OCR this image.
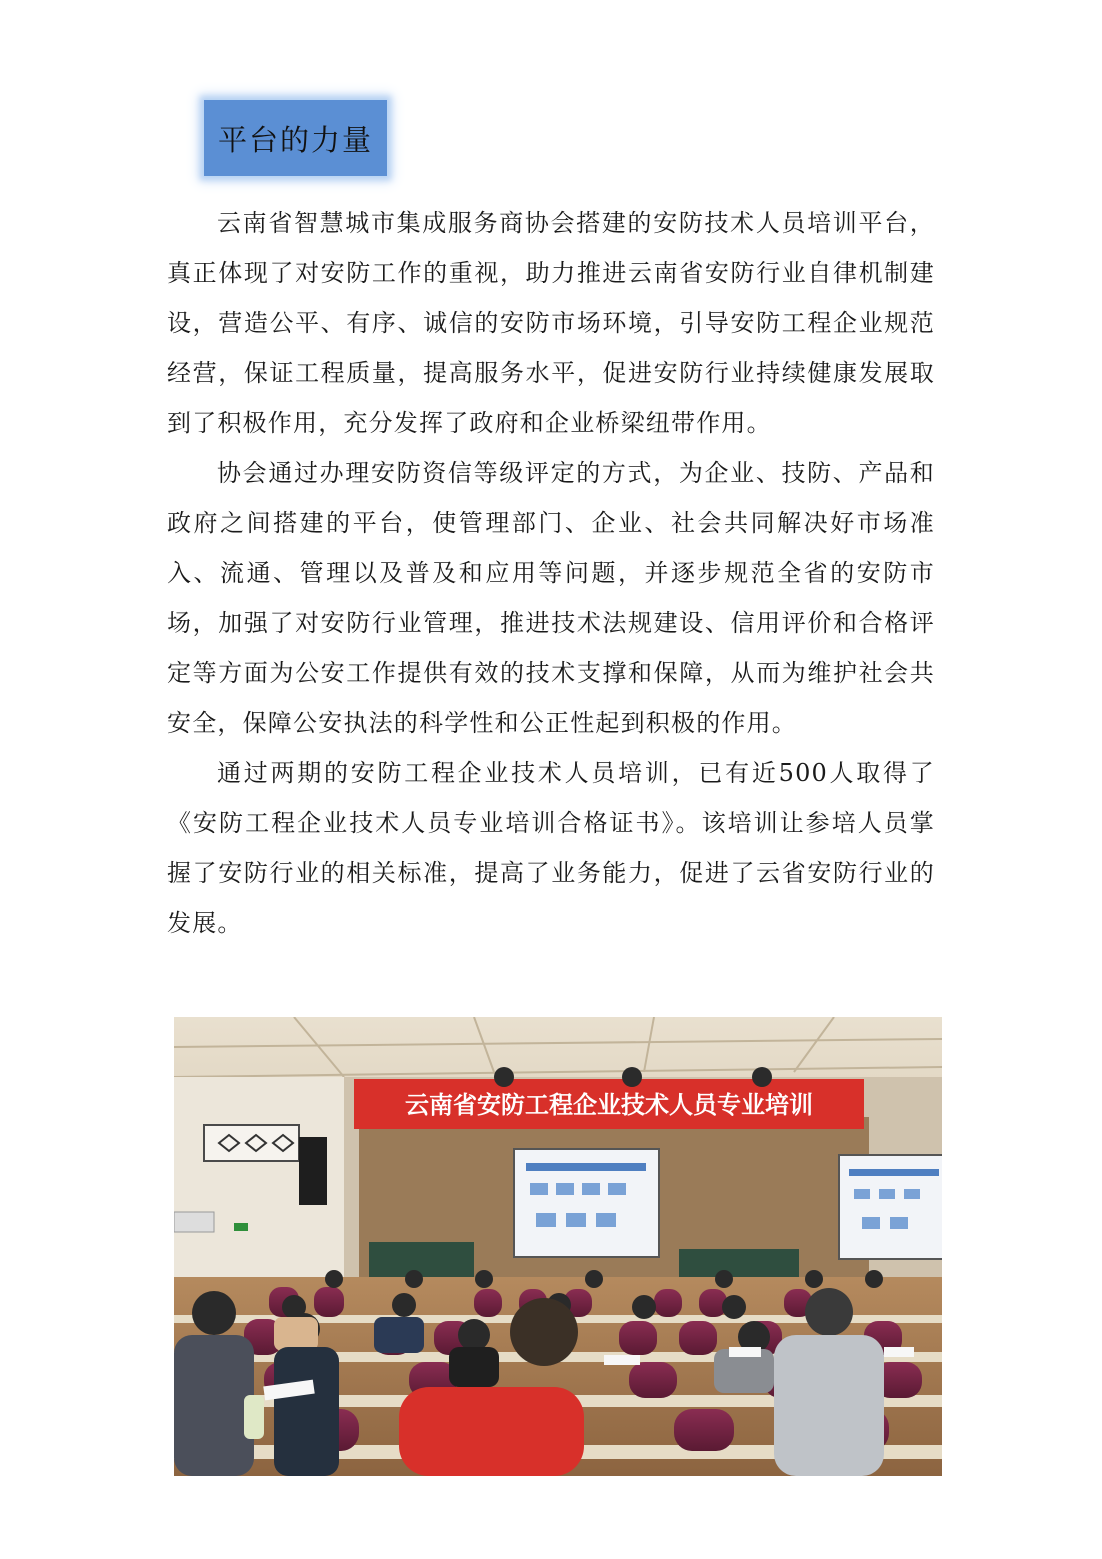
平台的力量

云南省智慧城市集成服务商协会搭建的安防技术人员培训平台，真正体现了对安防工作的重视，助力推进云南省安防行业自律机制建设，营造公平、有序、诚信的安防市场环境，引导安防工程企业规范经营，保证工程质量，提高服务水平，促进安防行业持续健康发展取到了积极作用，充分发挥了政府和企业桥梁纽带作用。

协会通过办理安防资信等级评定的方式，为企业、技防、产品和政府之间搭建的平台，使管理部门、企业、社会共同解决好市场准入、流通、管理以及普及和应用等问题，并逐步规范全省的安防市场，加强了对安防行业管理，推进技术法规建设、信用评价和合格评定等方面为公安工作提供有效的技术支撑和保障，从而为维护社会共安全，保障公安执法的科学性和公正性起到积极的作用。

通过两期的安防工程企业技术人员培训，已有近500人取得了《安防工程企业技术人员专业培训合格证书》。该培训让参培人员掌握了安防行业的相关标准，提高了业务能力，促进了云省安防行业的发展。

云南省安防工程企业技术人员专业培训
